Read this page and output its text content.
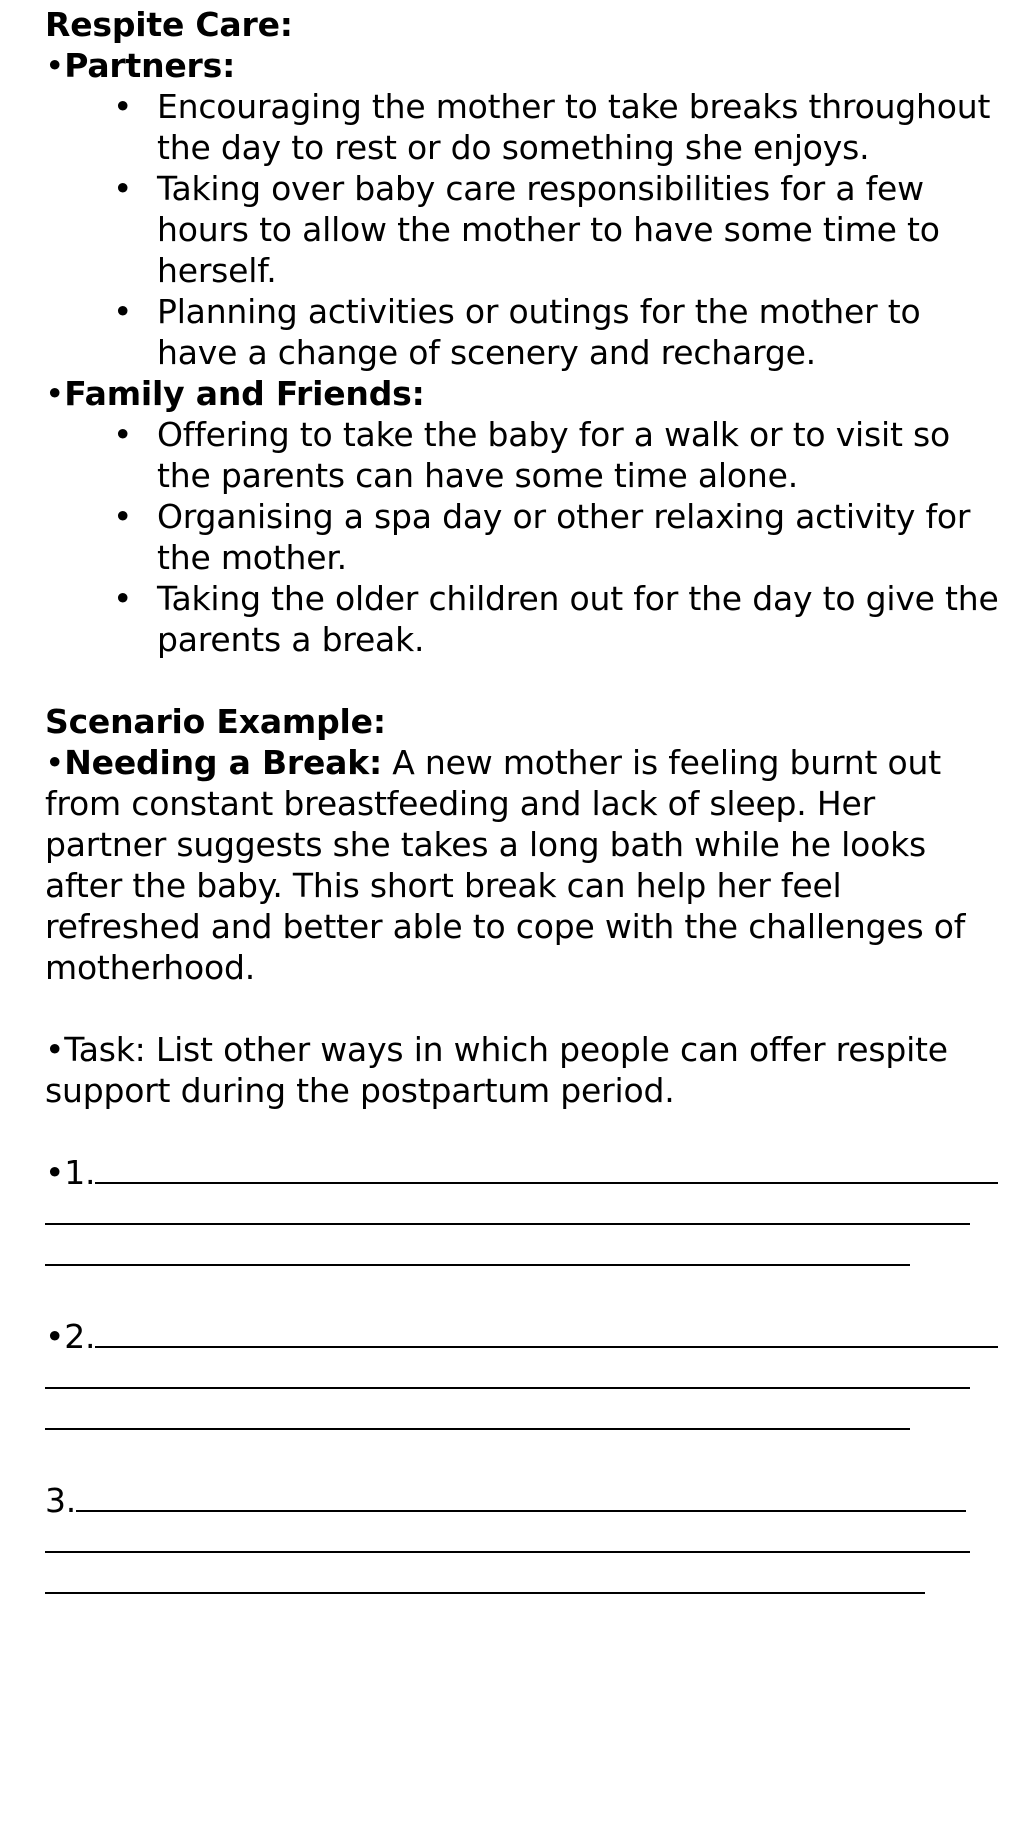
Respite Care:
•Partners:
• Encouraging the mother to take breaks throughout
the day to rest or do something she enjoys.
• Taking over baby care responsibilities for a few
hours to allow the mother to have some time to
herself.
• Planning activities or outings for the mother to
have a change of scenery and recharge.
•Family and Friends:
• Offering to take the baby for a walk or to visit so
the parents can have some time alone.
• Organising a spa day or other relaxing activity for
the mother.
• Taking the older children out for the day to give the
parents a break.
Scenario Example:
•Needing a Break: A new mother is feeling burnt out
from constant breastfeeding and lack of sleep. Her
partner suggests she takes a long bath while he looks
after the baby. This short break can help her feel
refreshed and better able to cope with the challenges of
motherhood.
•Task: List other ways in which people can offer respite
support during the postpartum period.
•1.
•2.
3.
